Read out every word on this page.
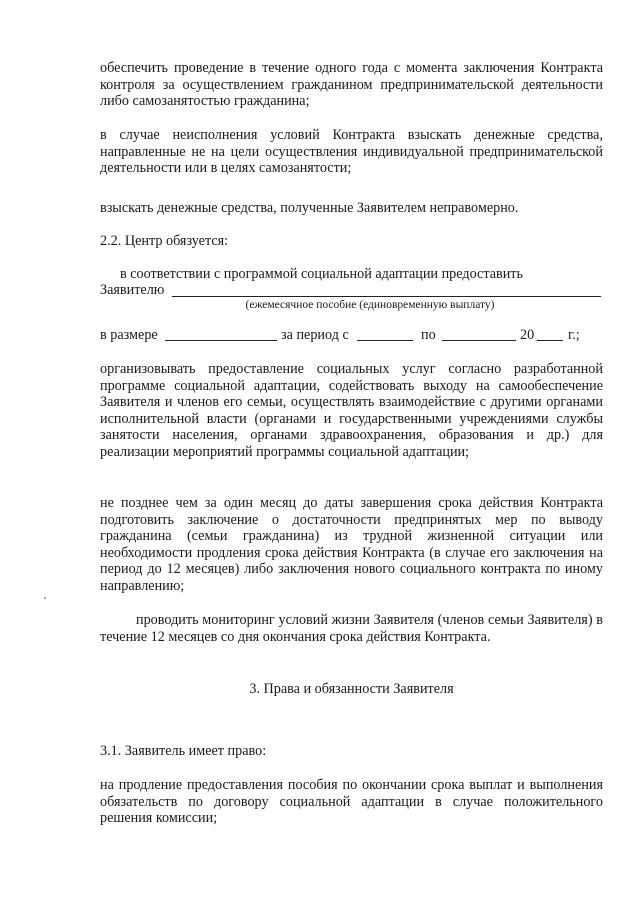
обеспечить проведение в течение одного года с момента заключения Контракта контроля за осуществлением гражданином предпринимательской деятельности либо самозанятостью гражданина;

в случае неисполнения условий Контракта взыскать денежные средства, направленные не на цели осуществления индивидуальной предпринимательской деятельности или в целях самозанятости;

взыскать денежные средства, полученные Заявителем неправомерно.

2.2. Центр обязуется:

в соответствии с программой социальной адаптации предоставить

Заявителю

(ежемесячное пособие (единовременную выплату)

в размере	за период с	по	20 г.;

организовывать предоставление социальных услуг согласно разработанной программе социальной адаптации, содействовать выходу на самообеспечение Заявителя и членов его семьи, осуществлять взаимодействие с другими органами исполнительной власти (органами и государственными учреждениями службы занятости населения, органами здравоохранения, образования и др.) для реализации мероприятий программы социальной адаптации;

не позднее чем за один месяц до даты завершения срока действия Контракта подготовить заключение о достаточности предпринятых мер по выводу гражданина (семьи гражданина) из трудной жизненной ситуации или необходимости продления срока действия Контракта (в случае его заключения на период до 12 месяцев) либо заключения нового социального контракта по иному направлению;

проводить мониторинг условий жизни Заявителя (членов семьи Заявителя) в течение 12 месяцев со дня окончания срока действия Контракта.

3. Права и обязанности Заявителя

3.1. Заявитель имеет право:

на продление предоставления пособия по окончании срока выплат и выполнения обязательств по договору социальной адаптации в случае положительного решения комиссии;
